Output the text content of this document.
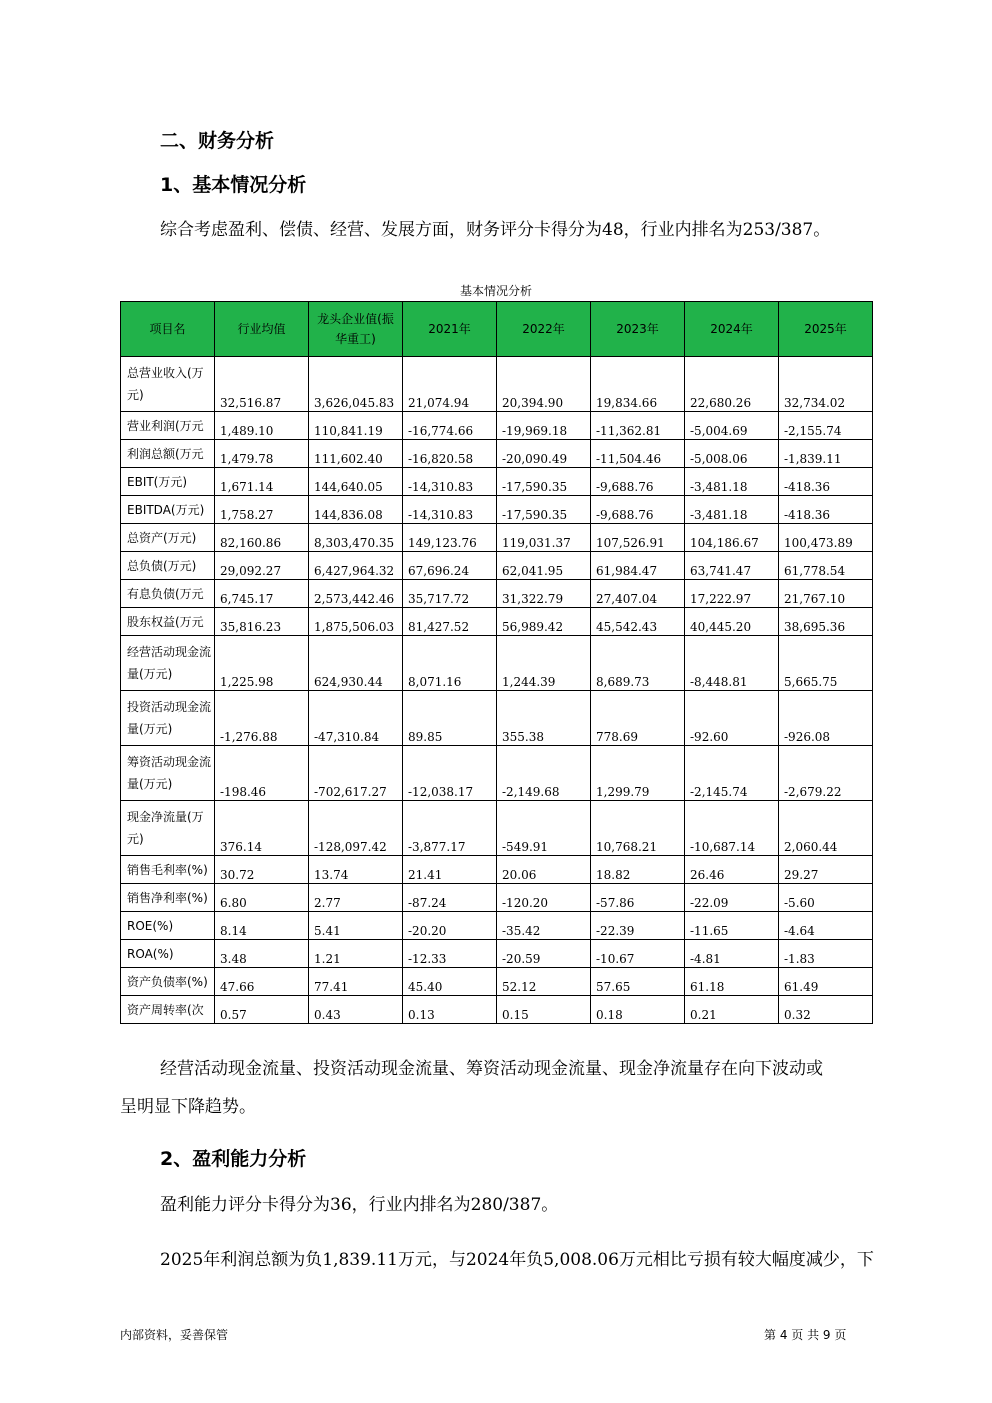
二、财务分析
1、基本情况分析
综合考虑盈利、偿债、经营、发展方面，财务评分卡得分为48，行业内排名为253/387。
基本情况分析
项目名	行业均值	龙头企业值(振华重工)	2021年	2022年	2023年	2024年	2025年
总营业收入(万元)	32,516.87	3,626,045.83	21,074.94	20,394.90	19,834.66	22,680.26	32,734.02
营业利润(万元	1,489.10	110,841.19	-16,774.66	-19,969.18	-11,362.81	-5,004.69	-2,155.74
利润总额(万元	1,479.78	111,602.40	-16,820.58	-20,090.49	-11,504.46	-5,008.06	-1,839.11
EBIT(万元)	1,671.14	144,640.05	-14,310.83	-17,590.35	-9,688.76	-3,481.18	-418.36
EBITDA(万元)	1,758.27	144,836.08	-14,310.83	-17,590.35	-9,688.76	-3,481.18	-418.36
总资产(万元)	82,160.86	8,303,470.35	149,123.76	119,031.37	107,526.91	104,186.67	100,473.89
总负债(万元)	29,092.27	6,427,964.32	67,696.24	62,041.95	61,984.47	63,741.47	61,778.54
有息负债(万元	6,745.17	2,573,442.46	35,717.72	31,322.79	27,407.04	17,222.97	21,767.10
股东权益(万元	35,816.23	1,875,506.03	81,427.52	56,989.42	45,542.43	40,445.20	38,695.36
经营活动现金流量(万元)	1,225.98	624,930.44	8,071.16	1,244.39	8,689.73	-8,448.81	5,665.75
投资活动现金流量(万元)	-1,276.88	-47,310.84	89.85	355.38	778.69	-92.60	-926.08
筹资活动现金流量(万元)	-198.46	-702,617.27	-12,038.17	-2,149.68	1,299.79	-2,145.74	-2,679.22
现金净流量(万元)	376.14	-128,097.42	-3,877.17	-549.91	10,768.21	-10,687.14	2,060.44
销售毛利率(%)	30.72	13.74	21.41	20.06	18.82	26.46	29.27
销售净利率(%)	6.80	2.77	-87.24	-120.20	-57.86	-22.09	-5.60
ROE(%)	8.14	5.41	-20.20	-35.42	-22.39	-11.65	-4.64
ROA(%)	3.48	1.21	-12.33	-20.59	-10.67	-4.81	-1.83
资产负债率(%)	47.66	77.41	45.40	52.12	57.65	61.18	61.49
资产周转率(次	0.57	0.43	0.13	0.15	0.18	0.21	0.32
经营活动现金流量、投资活动现金流量、筹资活动现金流量、现金净流量存在向下波动或
呈明显下降趋势。
2、盈利能力分析
盈利能力评分卡得分为36，行业内排名为280/387。
2025年利润总额为负1,839.11万元，与2024年负5,008.06万元相比亏损有较大幅度减少，下
内部资料，妥善保管	第 4 页 共 9 页
